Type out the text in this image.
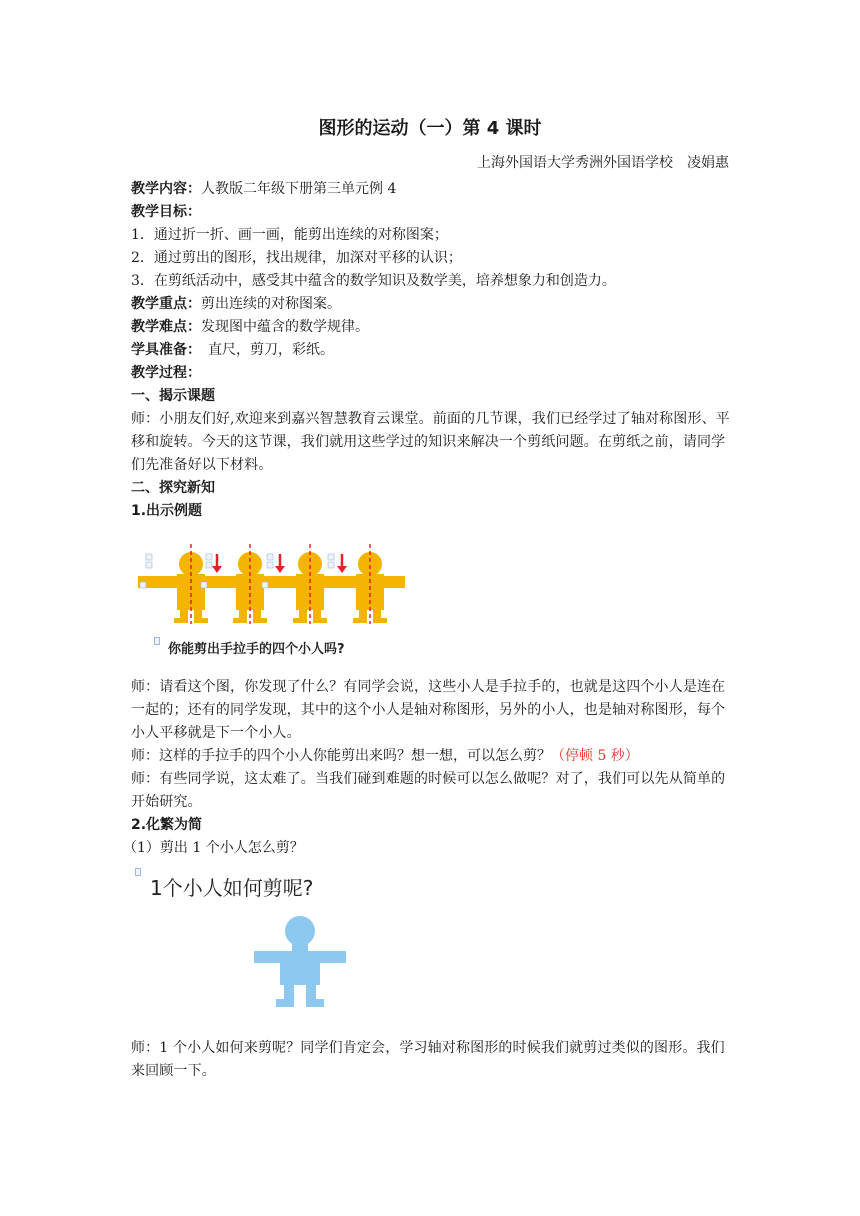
图形的运动（一）第 4 课时
上海外国语大学秀洲外国语学校　凌娟惠
教学内容：人教版二年级下册第三单元例 4
教学目标：
1．通过折一折、画一画，能剪出连续的对称图案；
2．通过剪出的图形，找出规律，加深对平移的认识；
3．在剪纸活动中，感受其中蕴含的数学知识及数学美，培养想象力和创造力。
教学重点：剪出连续的对称图案。
教学难点：发现图中蕴含的数学规律。
学具准备：　直尺，剪刀，彩纸。
教学过程：
一、揭示课题
师：小朋友们好,欢迎来到嘉兴智慧教育云课堂。前面的几节课，我们已经学过了轴对称图形、平移和旋转。今天的这节课，我们就用这些学过的知识来解决一个剪纸问题。在剪纸之前，请同学们先准备好以下材料。
二、探究新知
1.出示例题

你能剪出手拉手的四个小人吗?
师：请看这个图，你发现了什么？有同学会说，这些小人是手拉手的，也就是这四个小人是连在一起的；还有的同学发现，其中的这个小人是轴对称图形，另外的小人，也是轴对称图形，每个小人平移就是下一个小人。
师：这样的手拉手的四个小人你能剪出来吗？想一想，可以怎么剪？（停顿 5 秒）
师：有些同学说，这太难了。当我们碰到难题的时候可以怎么做呢？对了，我们可以先从简单的开始研究。
2.化繁为简
（1）剪出 1 个小人怎么剪？

1个小人如何剪呢?
师：1 个小人如何来剪呢？同学们肯定会，学习轴对称图形的时候我们就剪过类似的图形。我们来回顾一下。
